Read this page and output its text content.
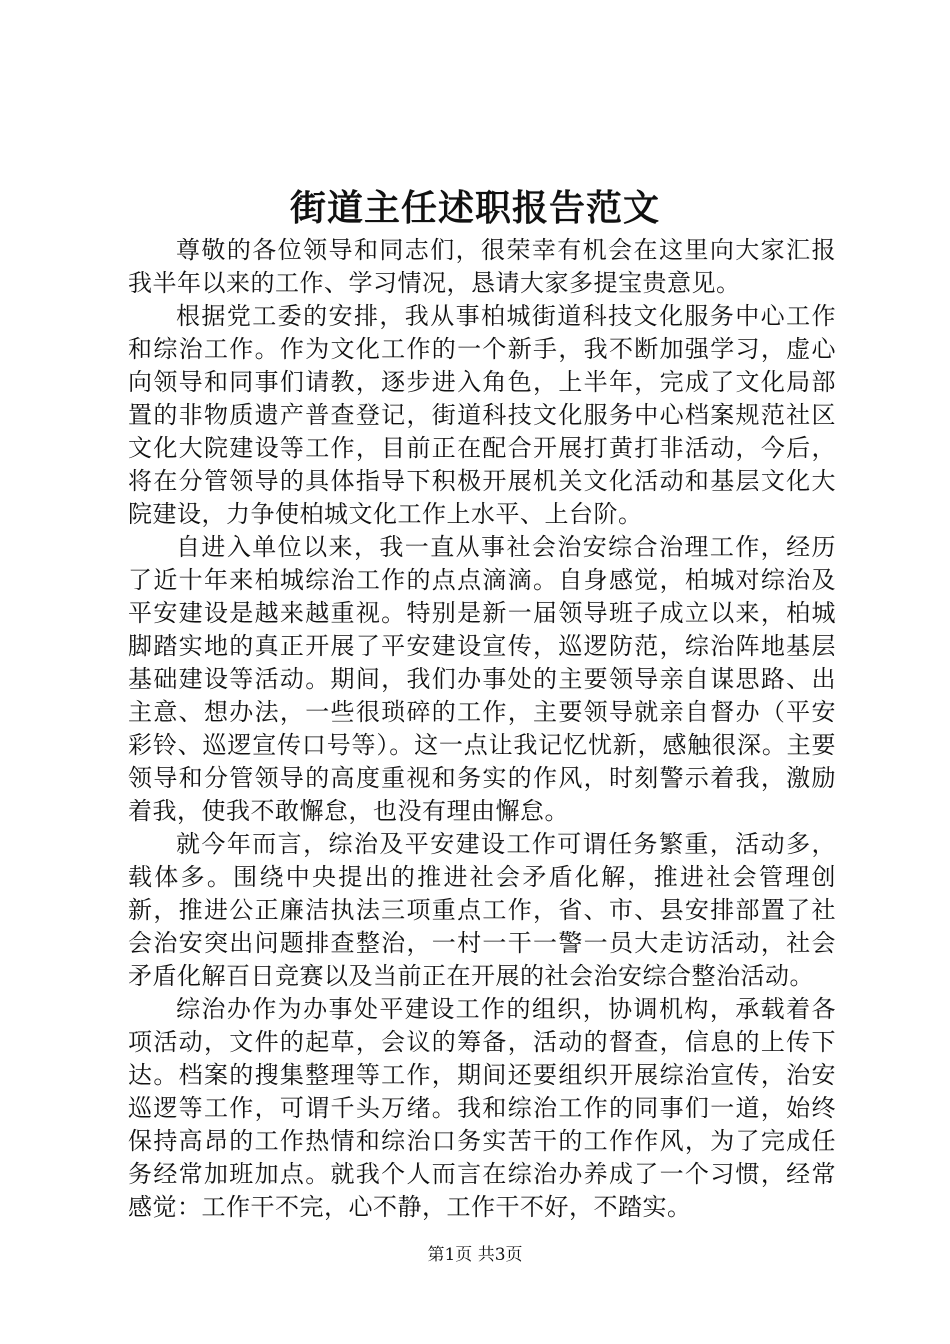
街道主任述职报告范文

尊敬的各位领导和同志们，很荣幸有机会在这里向大家汇报我半年以来的工作、学习情况，恳请大家多提宝贵意见。

根据党工委的安排，我从事柏城街道科技文化服务中心工作和综治工作。作为文化工作的一个新手，我不断加强学习，虚心向领导和同事们请教，逐步进入角色，上半年，完成了文化局部置的非物质遗产普查登记，街道科技文化服务中心档案规范社区文化大院建设等工作，目前正在配合开展打黄打非活动，今后，将在分管领导的具体指导下积极开展机关文化活动和基层文化大院建设，力争使柏城文化工作上水平、上台阶。

自进入单位以来，我一直从事社会治安综合治理工作，经历了近十年来柏城综治工作的点点滴滴。自身感觉，柏城对综治及平安建设是越来越重视。特别是新一届领导班子成立以来，柏城脚踏实地的真正开展了平安建设宣传，巡逻防范，综治阵地基层基础建设等活动。期间，我们办事处的主要领导亲自谋思路、出主意、想办法，一些很琐碎的工作，主要领导就亲自督办（平安彩铃、巡逻宣传口号等）。这一点让我记忆忧新，感触很深。主要领导和分管领导的高度重视和务实的作风，时刻警示着我，激励着我，使我不敢懈怠，也没有理由懈怠。

就今年而言，综治及平安建设工作可谓任务繁重，活动多，载体多。围绕中央提出的推进社会矛盾化解，推进社会管理创新，推进公正廉洁执法三项重点工作，省、市、县安排部置了社会治安突出问题排查整治，一村一干一警一员大走访活动，社会矛盾化解百日竞赛以及当前正在开展的社会治安综合整治活动。

综治办作为办事处平建设工作的组织，协调机构，承载着各项活动，文件的起草，会议的筹备，活动的督查，信息的上传下达。档案的搜集整理等工作，期间还要组织开展综治宣传，治安巡逻等工作，可谓千头万绪。我和综治工作的同事们一道，始终保持高昂的工作热情和综治口务实苦干的工作作风，为了完成任务经常加班加点。就我个人而言在综治办养成了一个习惯，经常感觉：工作干不完，心不静，工作干不好，不踏实。

第1页 共3页
